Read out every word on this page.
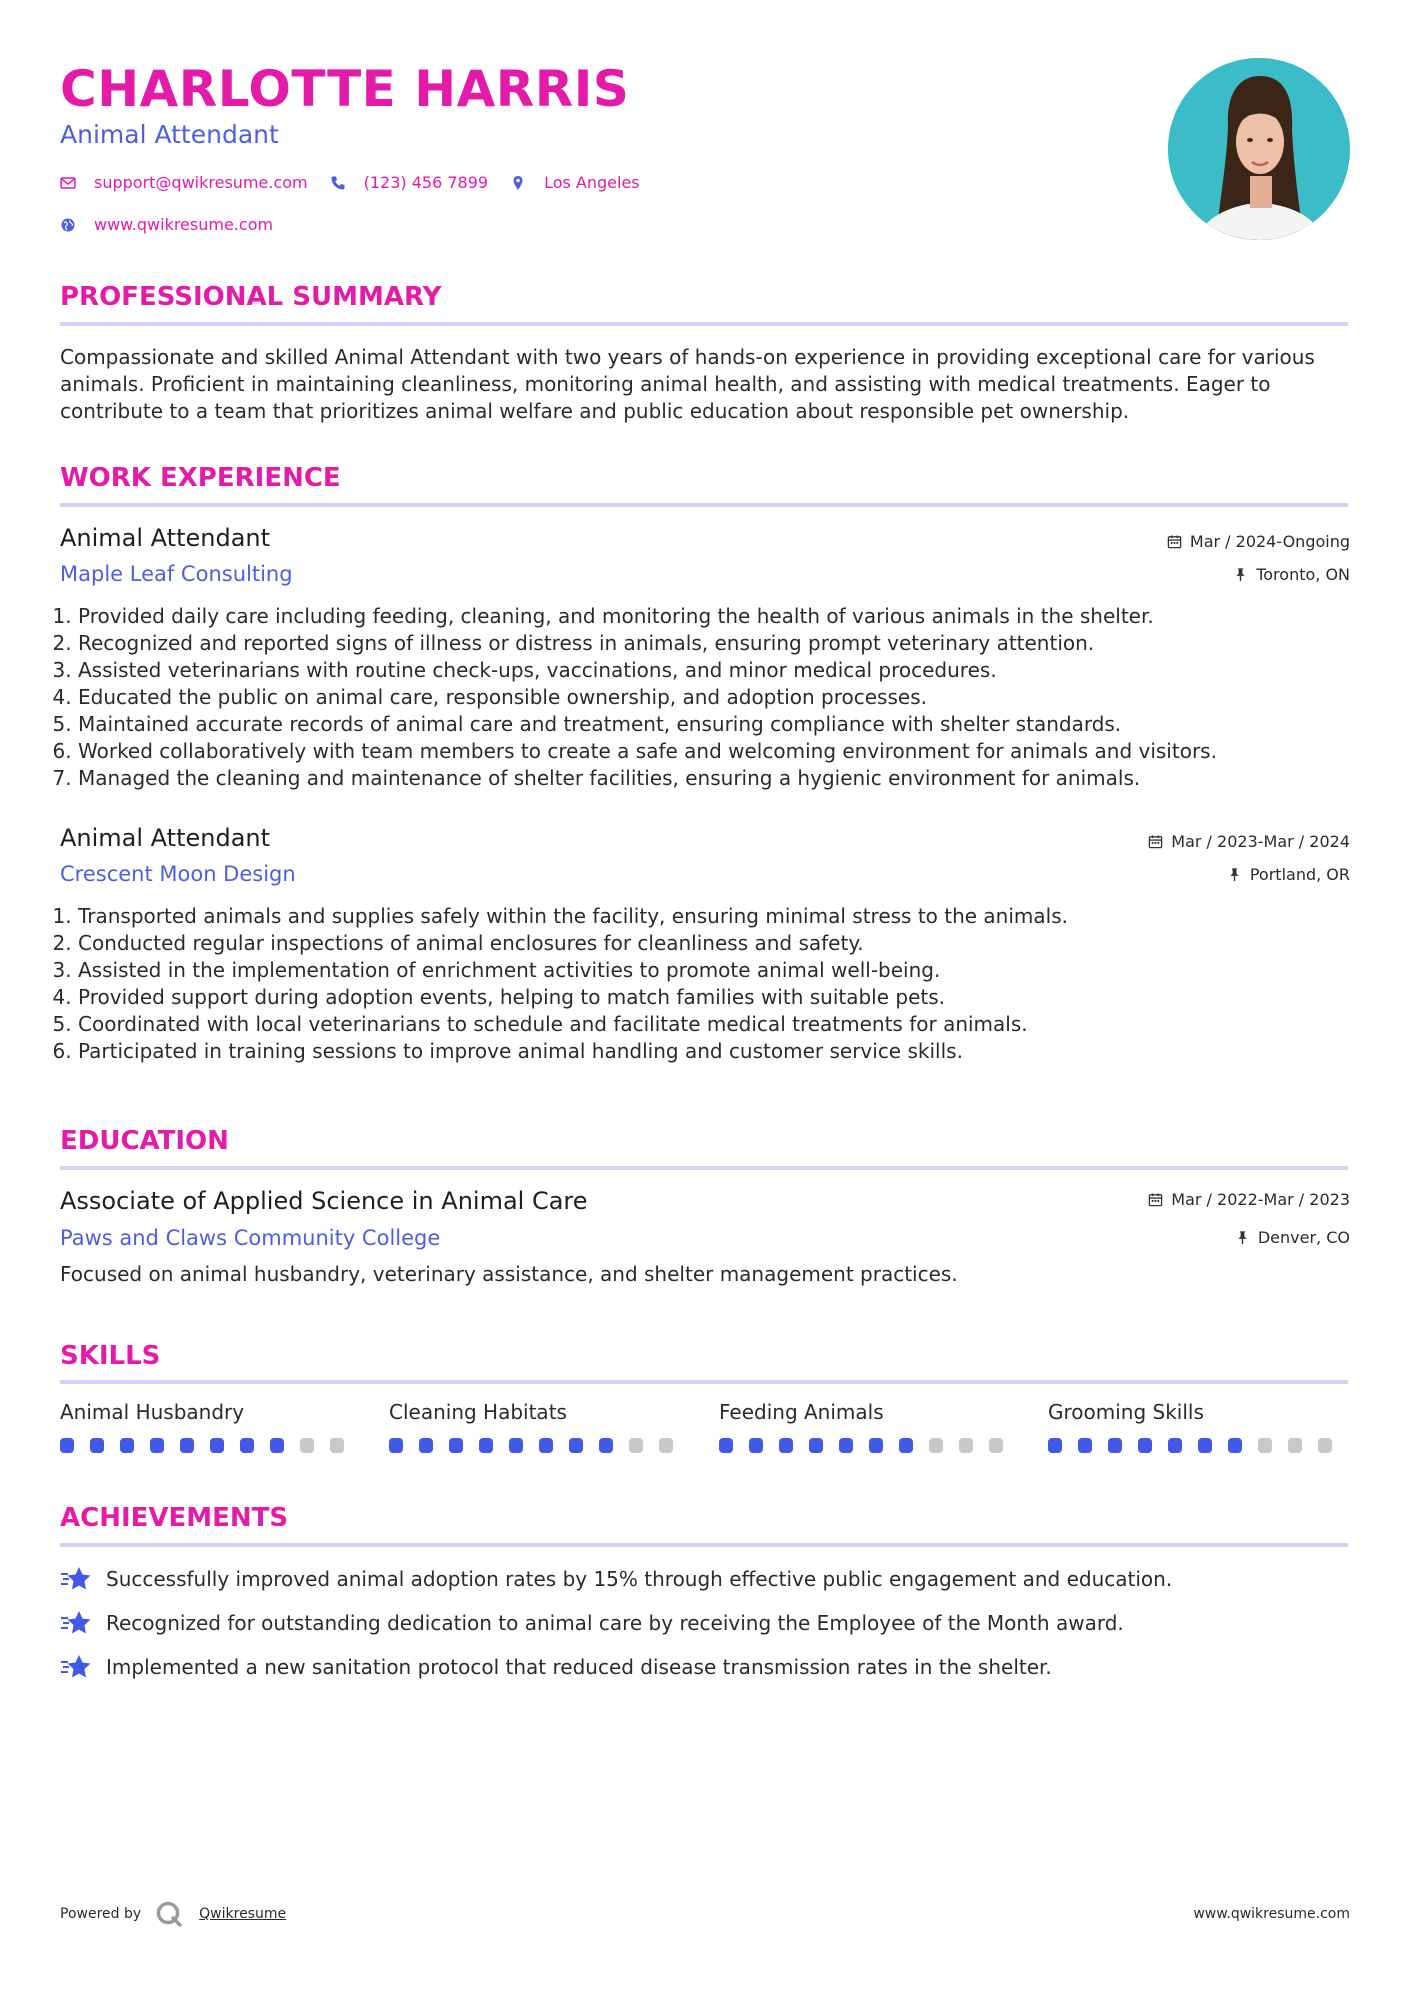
CHARLOTTE HARRIS
Animal Attendant
support@qwikresume.com	(123) 456 7899	Los Angeles
www.qwikresume.com
PROFESSIONAL SUMMARY
Compassionate and skilled Animal Attendant with two years of hands-on experience in providing exceptional care for various animals. Proficient in maintaining cleanliness, monitoring animal health, and assisting with medical treatments. Eager to contribute to a team that prioritizes animal welfare and public education about responsible pet ownership.
WORK EXPERIENCE
Animal Attendant
Maple Leaf Consulting
Mar / 2024-Ongoing
Toronto, ON
1. Provided daily care including feeding, cleaning, and monitoring the health of various animals in the shelter.
2. Recognized and reported signs of illness or distress in animals, ensuring prompt veterinary attention.
3. Assisted veterinarians with routine check-ups, vaccinations, and minor medical procedures.
4. Educated the public on animal care, responsible ownership, and adoption processes.
5. Maintained accurate records of animal care and treatment, ensuring compliance with shelter standards.
6. Worked collaboratively with team members to create a safe and welcoming environment for animals and visitors.
7. Managed the cleaning and maintenance of shelter facilities, ensuring a hygienic environment for animals.
Animal Attendant
Crescent Moon Design
Mar / 2023-Mar / 2024
Portland, OR
1. Transported animals and supplies safely within the facility, ensuring minimal stress to the animals.
2. Conducted regular inspections of animal enclosures for cleanliness and safety.
3. Assisted in the implementation of enrichment activities to promote animal well-being.
4. Provided support during adoption events, helping to match families with suitable pets.
5. Coordinated with local veterinarians to schedule and facilitate medical treatments for animals.
6. Participated in training sessions to improve animal handling and customer service skills.
EDUCATION
Associate of Applied Science in Animal Care
Paws and Claws Community College
Mar / 2022-Mar / 2023
Denver, CO
Focused on animal husbandry, veterinary assistance, and shelter management practices.
SKILLS
Animal Husbandry	Cleaning Habitats	Feeding Animals	Grooming Skills
ACHIEVEMENTS
Successfully improved animal adoption rates by 15% through effective public engagement and education.
Recognized for outstanding dedication to animal care by receiving the Employee of the Month award.
Implemented a new sanitation protocol that reduced disease transmission rates in the shelter.
Powered by	Qwikresume	www.qwikresume.com
